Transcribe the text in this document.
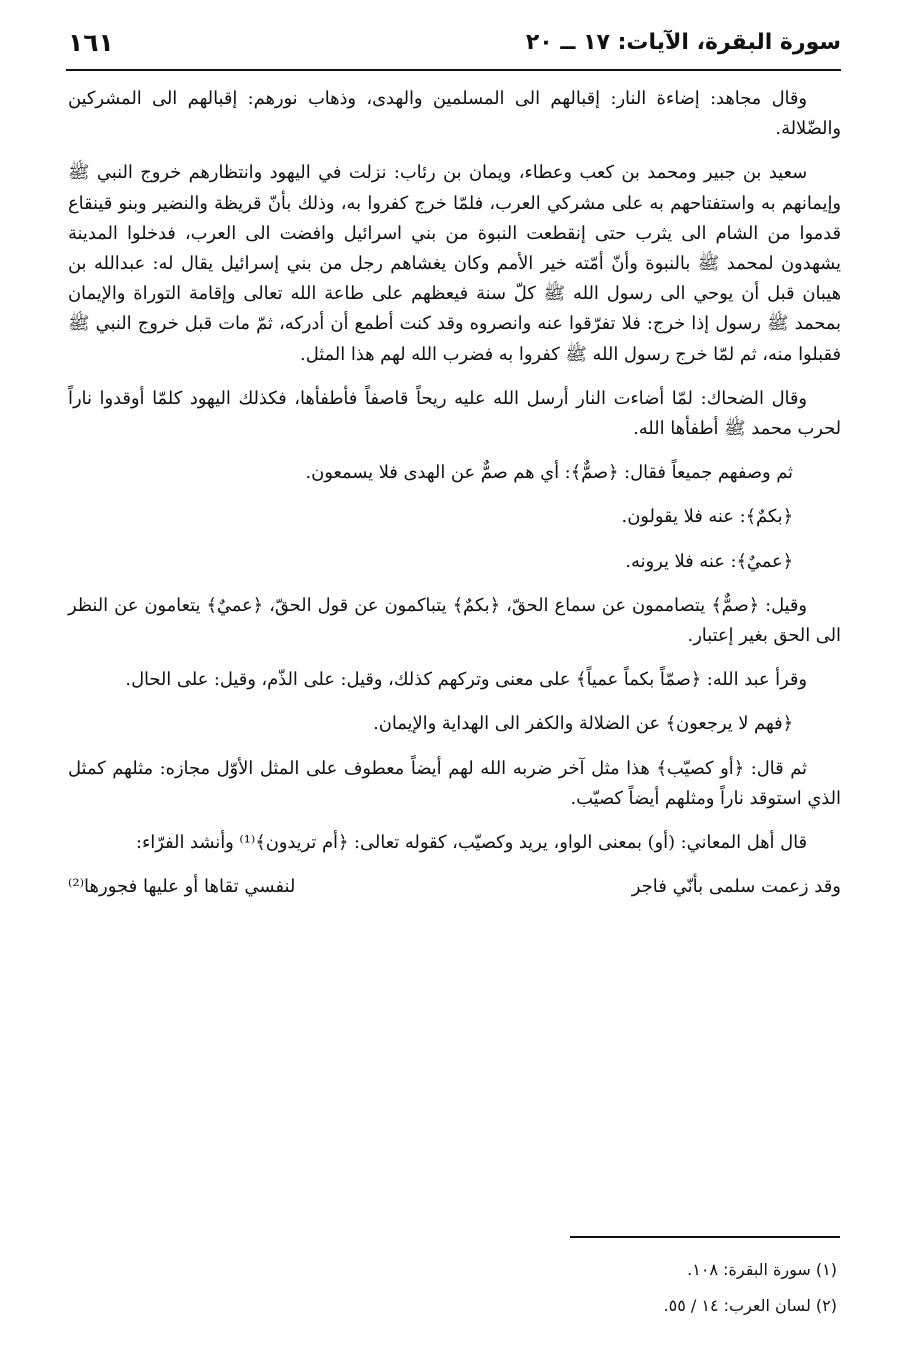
سورة البقرة، الآيات: ١٧ ــ ٢٠
١٦١

وقال مجاهد: إضاءة النار: إقبالهم الى المسلمين والهدى، وذهاب نورهم: إقبالهم الى المشركين والضّلالة.

سعيد بن جبير ومحمد بن كعب وعطاء، ويمان بن رئاب: نزلت في اليهود وانتظارهم خروج النبي ﷺ وإيمانهم به واستفتاحهم به على مشركي العرب، فلمّا خرج كفروا به، وذلك بأنّ قريظة والنضير وبنو قينقاع قدموا من الشام الى يثرب حتى إنقطعت النبوة من بني اسرائيل وافضت الى العرب، فدخلوا المدينة يشهدون لمحمد ﷺ بالنبوة وأنّ أمّته خير الأمم وكان يغشاهم رجل من بني إسرائيل يقال له: عبدالله بن هيبان قبل أن يوحي الى رسول الله ﷺ كلّ سنة فيعظهم على طاعة الله تعالى وإقامة التوراة والإيمان بمحمد ﷺ رسول إذا خرج: فلا تفرّقوا عنه وانصروه وقد كنت أطمع أن أدركه، ثمّ مات قبل خروج النبي ﷺ فقبلوا منه، ثم لمّا خرج رسول الله ﷺ كفروا به فضرب الله لهم هذا المثل.

وقال الضحاك: لمّا أضاءت النار أرسل الله عليه ريحاً قاصفاً فأطفأها، فكذلك اليهود كلمّا أوقدوا ناراً لحرب محمد ﷺ أطفأها الله.

ثم وصفهم جميعاً فقال: ﴿صمٌّ﴾: أي هم صمٌّ عن الهدى فلا يسمعون.

﴿بكمٌ﴾: عنه فلا يقولون.

﴿عميٌ﴾: عنه فلا يرونه.

وقيل: ﴿صمٌّ﴾ يتصاممون عن سماع الحقّ، ﴿بكمٌ﴾ يتباكمون عن قول الحقّ، ﴿عميٌ﴾ يتعامون عن النظر الى الحق بغير إعتبار.

وقرأ عبد الله: ﴿صمّاً بكماً عمياً﴾ على معنى وتركهم كذلك، وقيل: على الذّم، وقيل: على الحال.

﴿فهم لا يرجعون﴾ عن الضلالة والكفر الى الهداية والإيمان.

ثم قال: ﴿أو كصيّب﴾ هذا مثل آخر ضربه الله لهم أيضاً معطوف على المثل الأوّل مجازه: مثلهم كمثل الذي استوقد ناراً ومثلهم أيضاً كصيّب.

قال أهل المعاني: (أو) بمعنى الواو، يريد وكصيّب، كقوله تعالى: ﴿أم تريدون﴾⁽¹⁾ وأنشد الفرّاء:

وقد زعمت سلمى بأنّي فاجر
لنفسي تقاها أو عليها فجورها⁽²⁾

(١) سورة البقرة: ١٠٨.

(٢) لسان العرب: ١٤ / ٥٥.
